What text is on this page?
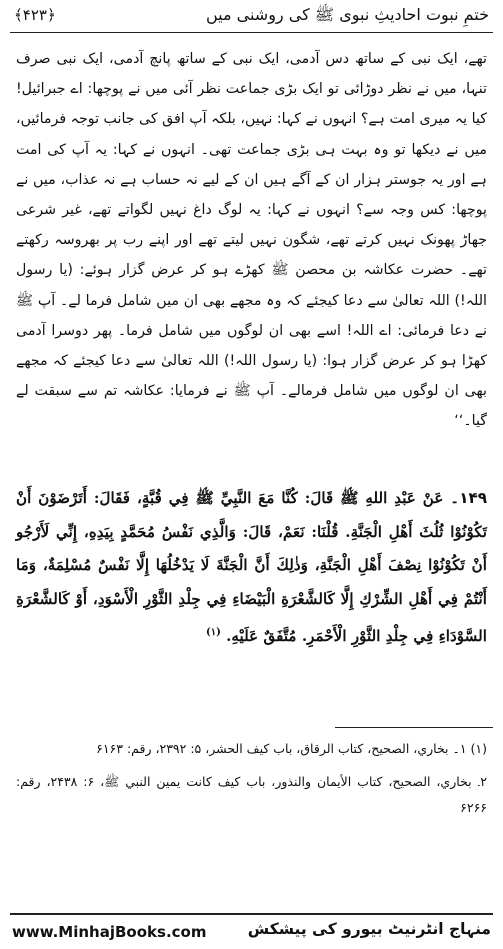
﴾۴۲۳﴿	ختمِ نبوت احادیثِ نبوی ﷺ کی روشنی میں

تھے، ایک نبی کے ساتھ دس آدمی، ایک نبی کے ساتھ پانچ آدمی، ایک نبی صرف تنہا، میں نے نظر دوڑائی تو ایک بڑی جماعت نظر آئی میں نے پوچھا: اے جبرائیل! کیا یہ میری امت ہے؟ انہوں نے کہا: نہیں، بلکہ آپ افق کی جانب توجہ فرمائیں، میں نے دیکھا تو وہ بہت ہی بڑی جماعت تھی۔ انہوں نے کہا: یہ آپ کی امت ہے اور یہ جوستر ہزار ان کے آگے ہیں ان کے لیے نہ حساب ہے نہ عذاب، میں نے پوچھا: کس وجہ سے؟ انہوں نے کہا: یہ لوگ داغ نہیں لگواتے تھے، غیر شرعی جھاڑ پھونک نہیں کرتے تھے، شگون نہیں لیتے تھے اور اپنے رب پر بھروسہ رکھتے تھے۔ حضرت عکاشہ بن محصن ﷺ کھڑے ہو کر عرض گزار ہوئے: (یا رسول اللہ!) اللہ تعالیٰ سے دعا کیجئے کہ وہ مجھے بھی ان میں شامل فرما لے۔ آپ ﷺ نے دعا فرمائی: اے اللہ! اسے بھی ان لوگوں میں شامل فرما۔ پھر دوسرا آدمی کھڑا ہو کر عرض گزار ہوا: (یا رسول اللہ!) اللہ تعالیٰ سے دعا کیجئے کہ مجھے بھی ان لوگوں میں شامل فرمالے۔ آپ ﷺ نے فرمایا: عکاشہ تم سے سبقت لے گیا۔‘‘

۱۴۹۔ عَنْ عَبْدِ اللهِ ﷺ قَالَ: كُنَّا مَعَ النَّبِيِّ ﷺ فِي قُبَّةٍ، فَقَالَ: أَتَرْضَوْنَ أَنْ تَكُوْنُوْا ثُلُثَ أَهْلِ الْجَنَّةِ. قُلْنَا: نَعَمْ، قَالَ: وَالَّذِي نَفْسُ مُحَمَّدٍ بِيَدِهِ، إِنِّي لَأَرْجُو أَنْ تَكُوْنُوْا نِصْفَ أَهْلِ الْجَنَّةِ، وَذٰلِكَ أَنَّ الْجَنَّةَ لَا يَدْخُلُهَا إِلَّا نَفْسٌ مُسْلِمَةٌ، وَمَا أَنْتُمْ فِي أَهْلِ الشِّرْكِ إِلَّا كَالشَّعْرَةِ الْبَيْضَاءِ فِي جِلْدِ الثَّوْرِ الْأَسْوَدِ، أَوْ كَالشَّعْرَةِ السَّوْدَاءِ فِي جِلْدِ الثَّوْرِ الْأَحْمَرِ. مُتَّفَقٌ عَلَيْهِ. $^{(۱)}$

(۱) ۱۔ بخاري، الصحيح، کتاب الرقاق، باب کيف الحشر، ۵: ۲۳۹۲، رقم: ۶۱۶۳

۲۔ بخاري، الصحيح، کتاب الأيمان والنذور، باب کيف کانت يمين النبي ﷺ، ۶: ۲۴۳۸، رقم: ۶۲۶۶

www.MinhajBooks.com	منہاج انٹرنیٹ بیورو کی پیشکش
